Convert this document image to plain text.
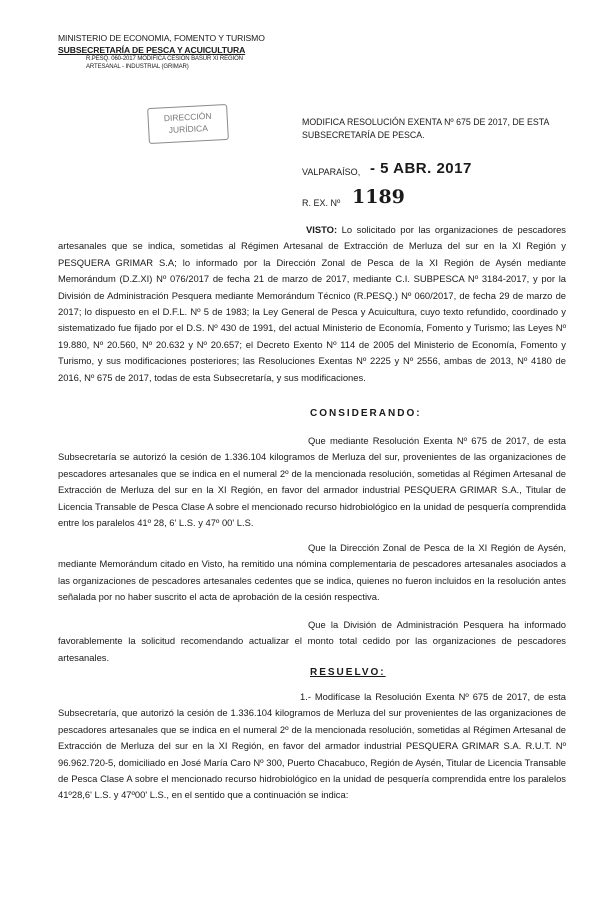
MINISTERIO DE ECONOMIA, FOMENTO Y TURISMO
SUBSECRETARÍA DE PESCA Y ACUICULTURA
R.PESQ. 060-2017 MODIFICA CESIÓN BASUR XI REGIÓN
ARTESANAL - INDUSTRIAL (GRIMAR)
DIRECCIÓN
JURÍDICA
MODIFICA RESOLUCIÓN EXENTA Nº 675 DE 2017, DE ESTA SUBSECRETARÍA DE PESCA.
VALPARAÍSO, - 5 ABR. 2017
R. EX. Nº 1189

VISTO: Lo solicitado por las organizaciones de pescadores artesanales que se indica, sometidas al Régimen Artesanal de Extracción de Merluza del sur en la XI Región y PESQUERA GRIMAR S.A; lo informado por la Dirección Zonal de Pesca de la XI Región de Aysén mediante Memorándum (D.Z.XI) Nº 076/2017 de fecha 21 de marzo de 2017, mediante C.I. SUBPESCA Nº 3184-2017, y por la División de Administración Pesquera mediante Memorándum Técnico (R.PESQ.) Nº 060/2017, de fecha 29 de marzo de 2017; lo dispuesto en el D.F.L. Nº 5 de 1983; la Ley General de Pesca y Acuicultura, cuyo texto refundido, coordinado y sistematizado fue fijado por el D.S. Nº 430 de 1991, del actual Ministerio de Economía, Fomento y Turismo; las Leyes Nº 19.880, Nº 20.560, Nº 20.632 y Nº 20.657; el Decreto Exento Nº 114 de 2005 del Ministerio de Economía, Fomento y Turismo, y sus modificaciones posteriores; las Resoluciones Exentas Nº 2225 y Nº 2556, ambas de 2013, Nº 4180 de 2016, Nº 675 de 2017, todas de esta Subsecretaría, y sus modificaciones.

CONSIDERANDO:

Que mediante Resolución Exenta Nº 675 de 2017, de esta Subsecretaría se autorizó la cesión de 1.336.104 kilogramos de Merluza del sur, provenientes de las organizaciones de pescadores artesanales que se indica en el numeral 2º de la mencionada resolución, sometidas al Régimen Artesanal de Extracción de Merluza del sur en la XI Región, en favor del armador industrial PESQUERA GRIMAR S.A., Titular de Licencia Transable de Pesca Clase A sobre el mencionado recurso hidrobiológico en la unidad de pesquería comprendida entre los paralelos 41º 28, 6' L.S. y 47º 00' L.S.

Que la Dirección Zonal de Pesca de la XI Región de Aysén, mediante Memorándum citado en Visto, ha remitido una nómina complementaria de pescadores artesanales asociados a las organizaciones de pescadores artesanales cedentes que se indica, quienes no fueron incluidos en la resolución antes señalada por no haber suscrito el acta de aprobación de la cesión respectiva.

Que la División de Administración Pesquera ha informado favorablemente la solicitud recomendando actualizar el monto total cedido por las organizaciones de pescadores artesanales.

RESUELVO:

1.- Modifícase la Resolución Exenta Nº 675 de 2017, de esta Subsecretaría, que autorizó la cesión de 1.336.104 kilogramos de Merluza del sur provenientes de las organizaciones de pescadores artesanales que se indica en el numeral 2º de la mencionada resolución, sometidas al Régimen Artesanal de Extracción de Merluza del sur en la XI Región, en favor del armador industrial PESQUERA GRIMAR S.A. R.U.T. Nº 96.962.720-5, domiciliado en José María Caro Nº 300, Puerto Chacabuco, Región de Aysén, Titular de Licencia Transable de Pesca Clase A sobre el mencionado recurso hidrobiológico en la unidad de pesquería comprendida entre los paralelos 41º28,6' L.S. y 47º00' L.S., en el sentido que a continuación se indica:
